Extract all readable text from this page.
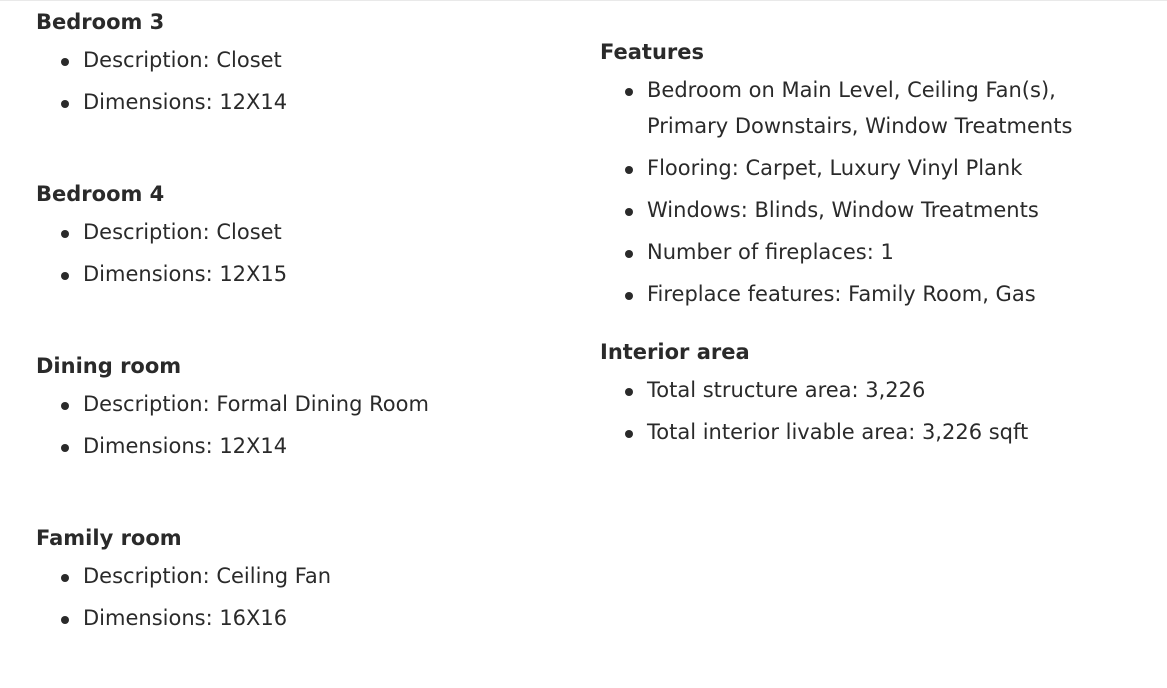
Bedroom 3
Description: Closet
Dimensions: 12X14
Bedroom 4
Description: Closet
Dimensions: 12X15
Dining room
Description: Formal Dining Room
Dimensions: 12X14
Family room
Description: Ceiling Fan
Dimensions: 16X16
Features
Bedroom on Main Level, Ceiling Fan(s), Primary Downstairs, Window Treatments
Flooring: Carpet, Luxury Vinyl Plank
Windows: Blinds, Window Treatments
Number of fireplaces: 1
Fireplace features: Family Room, Gas
Interior area
Total structure area: 3,226
Total interior livable area: 3,226 sqft
